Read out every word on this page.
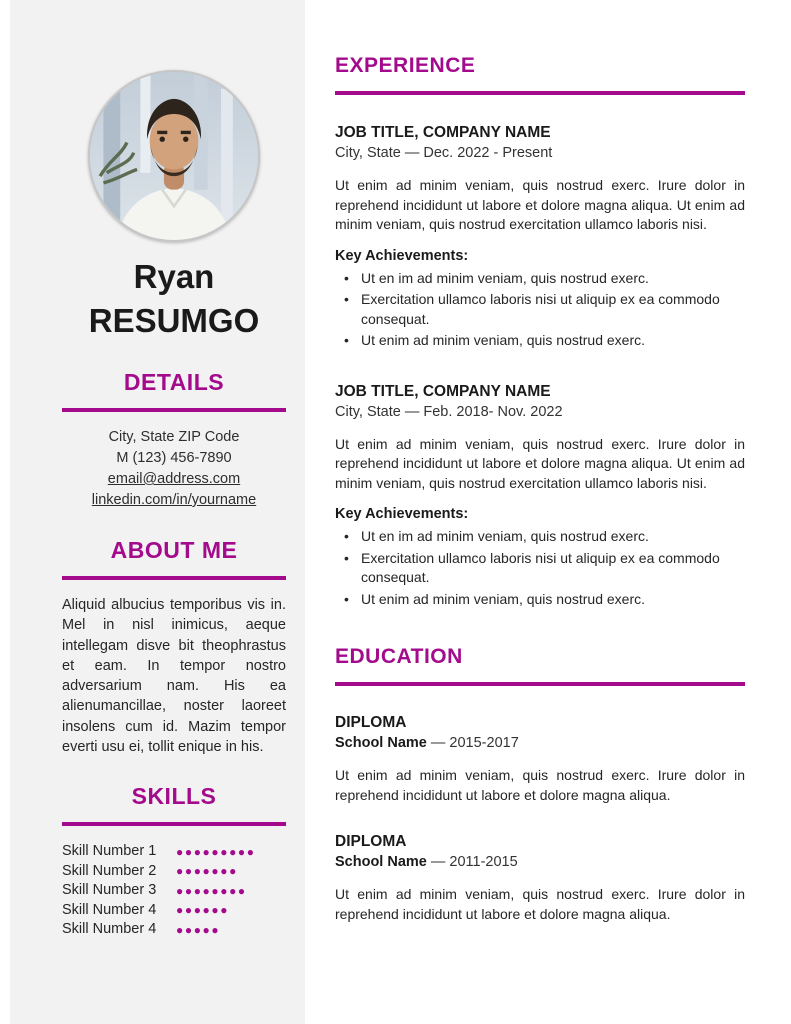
Ryan
RESUMGO
DETAILS
City, State ZIP Code
M (123) 456-7890
email@address.com
linkedin.com/in/yourname
ABOUT ME

Aliquid albucius temporibus vis in. Mel in nisl inimicus, aeque intellegam disve bit theophrastus et eam. In tempor nostro adversarium nam. His ea alienumancillae, noster laoreet insolens cum id. Mazim tempor everti usu ei, tollit enique in his.

SKILLS
Skill Number 1	●●●●●●●●●
Skill Number 2	●●●●●●●
Skill Number 3	●●●●●●●●
Skill Number 4	●●●●●●
Skill Number 4	●●●●●
EXPERIENCE
JOB TITLE, COMPANY NAME
City, State — Dec. 2022 - Present

Ut enim ad minim veniam, quis nostrud exerc. Irure dolor in reprehend incididunt ut labore et dolore magna aliqua. Ut enim ad minim veniam, quis nostrud exercitation ullamco laboris nisi.

Key Achievements:
• Ut en im ad minim veniam, quis nostrud exerc.
• Exercitation ullamco laboris nisi ut aliquip ex ea commodo consequat.
• Ut enim ad minim veniam, quis nostrud exerc.
JOB TITLE, COMPANY NAME
City, State — Feb. 2018- Nov. 2022

Ut enim ad minim veniam, quis nostrud exerc. Irure dolor in reprehend incididunt ut labore et dolore magna aliqua. Ut enim ad minim veniam, quis nostrud exercitation ullamco laboris nisi.

Key Achievements:
• Ut en im ad minim veniam, quis nostrud exerc.
• Exercitation ullamco laboris nisi ut aliquip ex ea commodo consequat.
• Ut enim ad minim veniam, quis nostrud exerc.
EDUCATION
DIPLOMA
School Name — 2015-2017

Ut enim ad minim veniam, quis nostrud exerc. Irure dolor in reprehend incididunt ut labore et dolore magna aliqua.

DIPLOMA
School Name — 2011-2015

Ut enim ad minim veniam, quis nostrud exerc. Irure dolor in reprehend incididunt ut labore et dolore magna aliqua.
